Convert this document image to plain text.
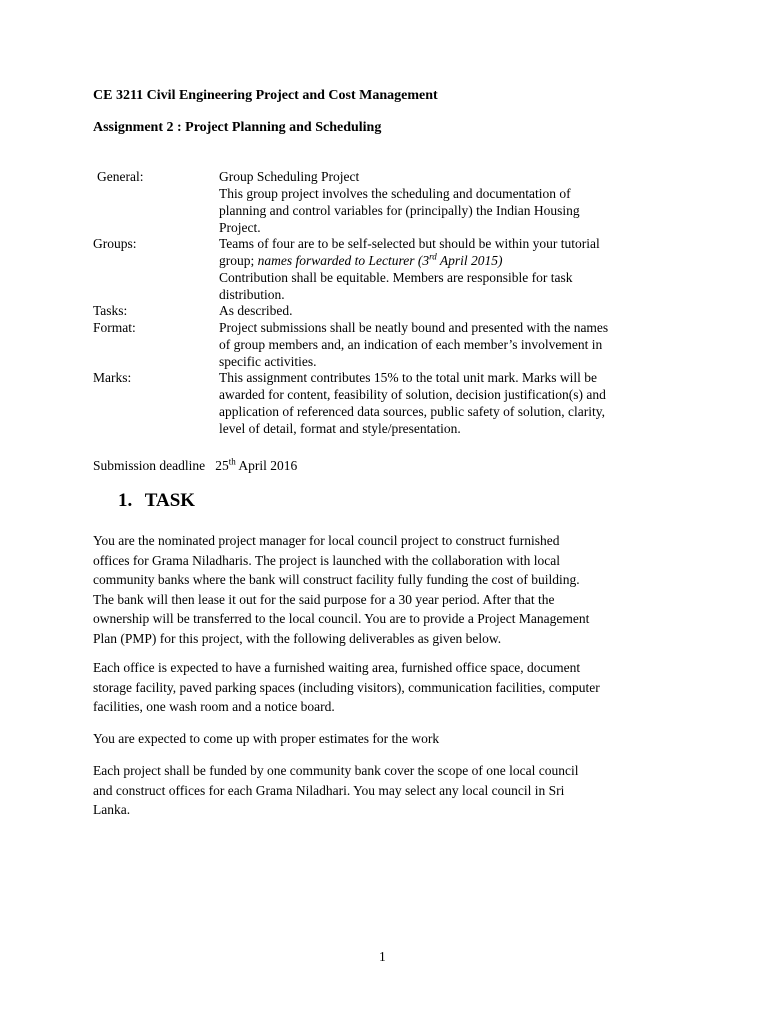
CE 3211 Civil Engineering Project and Cost Management
Assignment 2 : Project Planning and Scheduling
General:	Group Scheduling Project
This group project involves the scheduling and documentation of
planning and control variables for (principally) the Indian Housing
Project.
Groups:	Teams of four are to be self-selected but should be within your tutorial
group; names forwarded to Lecturer (3rd April 2015)
Contribution shall be equitable. Members are responsible for task
distribution.
Tasks:	As described.
Format:	Project submissions shall be neatly bound and presented with the names
of group members and, an indication of each member’s involvement in
specific activities.
Marks:	This assignment contributes 15% to the total unit mark. Marks will be
awarded for content, feasibility of solution, decision justification(s) and
application of referenced data sources, public safety of solution, clarity,
level of detail, format and style/presentation.
Submission deadline 25th April 2016
1. TASK
You are the nominated project manager for local council project to construct furnished
offices for Grama Niladharis. The project is launched with the collaboration with local
community banks where the bank will construct facility fully funding the cost of building.
The bank will then lease it out for the said purpose for a 30 year period. After that the
ownership will be transferred to the local council. You are to provide a Project Management
Plan (PMP) for this project, with the following deliverables as given below.
Each office is expected to have a furnished waiting area, furnished office space, document
storage facility, paved parking spaces (including visitors), communication facilities, computer
facilities, one wash room and a notice board.
You are expected to come up with proper estimates for the work
Each project shall be funded by one community bank cover the scope of one local council
and construct offices for each Grama Niladhari. You may select any local council in Sri
Lanka.
1
